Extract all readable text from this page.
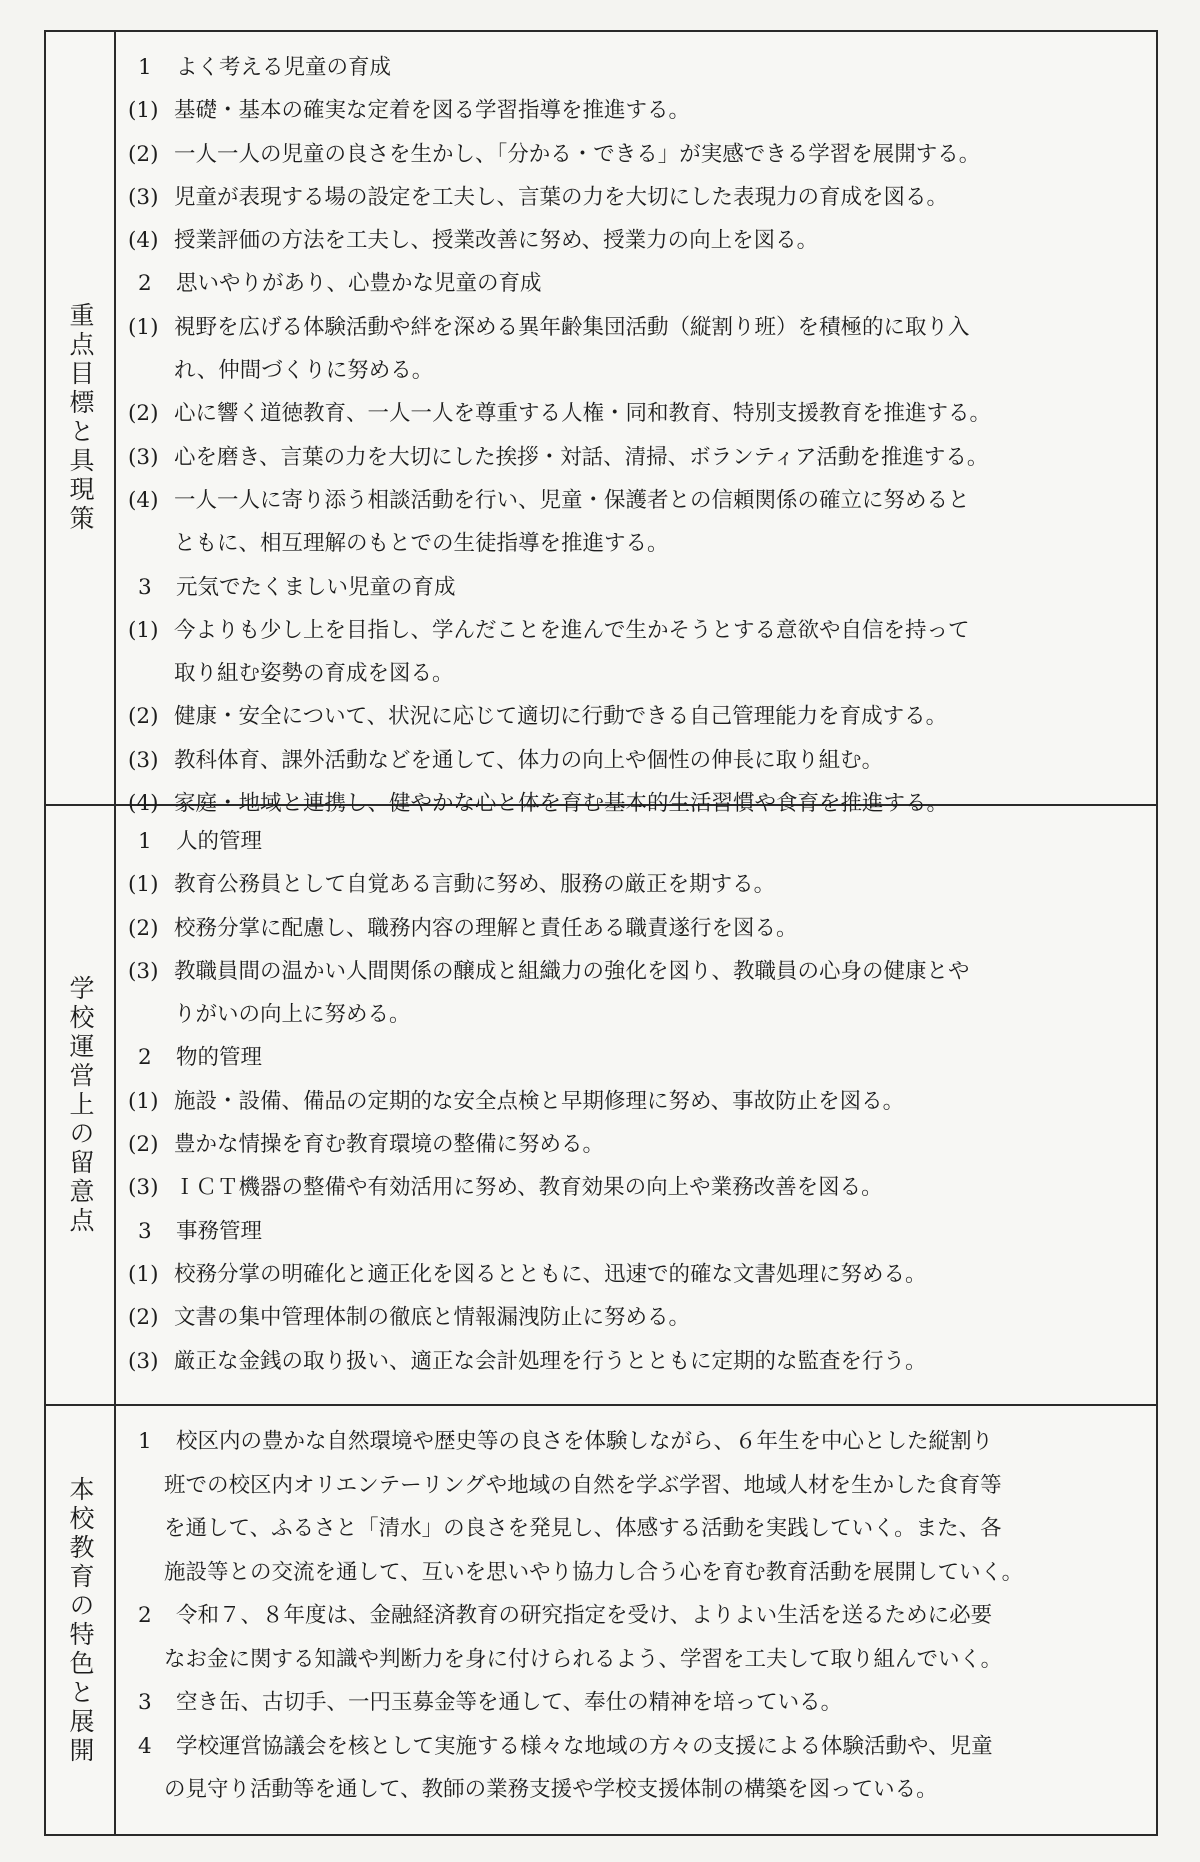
重点目標と具現策
1 よく考える児童の育成
(1) 基礎・基本の確実な定着を図る学習指導を推進する。
(2) 一人一人の児童の良さを生かし、「分かる・できる」が実感できる学習を展開する。
(3) 児童が表現する場の設定を工夫し、言葉の力を大切にした表現力の育成を図る。
(4) 授業評価の方法を工夫し、授業改善に努め、授業力の向上を図る。
2 思いやりがあり、心豊かな児童の育成
(1) 視野を広げる体験活動や絆を深める異年齢集団活動（縦割り班）を積極的に取り入
れ、仲間づくりに努める。
(2) 心に響く道徳教育、一人一人を尊重する人権・同和教育、特別支援教育を推進する。
(3) 心を磨き、言葉の力を大切にした挨拶・対話、清掃、ボランティア活動を推進する。
(4) 一人一人に寄り添う相談活動を行い、児童・保護者との信頼関係の確立に努めると
ともに、相互理解のもとでの生徒指導を推進する。
3 元気でたくましい児童の育成
(1) 今よりも少し上を目指し、学んだことを進んで生かそうとする意欲や自信を持って
取り組む姿勢の育成を図る。
(2) 健康・安全について、状況に応じて適切に行動できる自己管理能力を育成する。
(3) 教科体育、課外活動などを通して、体力の向上や個性の伸長に取り組む。
(4) 家庭・地域と連携し、健やかな心と体を育む基本的生活習慣や食育を推進する。
学校運営上の留意点
1 人的管理
(1) 教育公務員として自覚ある言動に努め、服務の厳正を期する。
(2) 校務分掌に配慮し、職務内容の理解と責任ある職責遂行を図る。
(3) 教職員間の温かい人間関係の醸成と組織力の強化を図り、教職員の心身の健康とや
りがいの向上に努める。
2 物的管理
(1) 施設・設備、備品の定期的な安全点検と早期修理に努め、事故防止を図る。
(2) 豊かな情操を育む教育環境の整備に努める。
(3) ＩＣＴ機器の整備や有効活用に努め、教育効果の向上や業務改善を図る。
3 事務管理
(1) 校務分掌の明確化と適正化を図るとともに、迅速で的確な文書処理に努める。
(2) 文書の集中管理体制の徹底と情報漏洩防止に努める。
(3) 厳正な金銭の取り扱い、適正な会計処理を行うとともに定期的な監査を行う。
本校教育の特色と展開
1 校区内の豊かな自然環境や歴史等の良さを体験しながら、６年生を中心とした縦割り
班での校区内オリエンテーリングや地域の自然を学ぶ学習、地域人材を生かした食育等
を通して、ふるさと「清水」の良さを発見し、体感する活動を実践していく。また、各
施設等との交流を通して、互いを思いやり協力し合う心を育む教育活動を展開していく。
2 令和７、８年度は、金融経済教育の研究指定を受け、よりよい生活を送るために必要
なお金に関する知識や判断力を身に付けられるよう、学習を工夫して取り組んでいく。
3 空き缶、古切手、一円玉募金等を通して、奉仕の精神を培っている。
4 学校運営協議会を核として実施する様々な地域の方々の支援による体験活動や、児童
の見守り活動等を通して、教師の業務支援や学校支援体制の構築を図っている。
